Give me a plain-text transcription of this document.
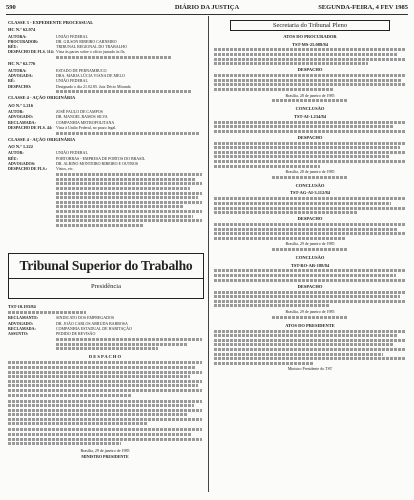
590	DIÁRIO DA JUSTIÇA	SEGUNDA-FEIRA, 4 FEV 1985
CLASSE 3 - EXPEDIENTE PROCESSUAL
HC N.º 62.974
AUTORA:	UNIÃO FEDERAL
PROCURADOR:	DR. GILSON RIBEIRO CARNEIRO
RÉU:	TRIBUNAL REGIONAL DO TRABALHO
DESPACHO DE FLS. 114: Vista às partes sobre o ofício juntado às fls.
HC N.º 62.776
AUTORA:	ESTADO DE PERNAMBUCO
ADVOGADA:	DRA. MARIA LÚCIA VIANA DE MELO
RÉ:	UNIÃO FEDERAL
DESPACHO:	Designado o dia 21.02.85. Juiz Décio Miranda
CLASSE 4 - AÇÃO ORIGINÁRIA
AO N.º 1.216
AUTOR:	JOSÉ PAULO DE CAMPOS
ADVOGADO:	DR. MANOEL RAMOS SILVA
RECLAMADA:	COMPANHIA METROPOLITANA
DESPACHO DE FLS. 44: Vista à União Federal, no prazo legal.
CLASSE 4 - AÇÃO ORIGINÁRIA
AO N.º 1.222
AUTOR:	UNIÃO FEDERAL
RÉU:	PORTOBRAS - EMPRESA DE PORTOS DO BRASIL
ADVOGADOS:	DR. ALBINO MONTEIRO RIBEIRO E OUTROS
DESPACHO DE FLS.:	Vistos, etc.
Tribunal Superior do Trabalho
Presidência
TST-10.193/84
RECLAMANTE:	SINDICATO DOS EMPREGADOS
ADVOGADO:	DR. JOÃO CARLOS ARRUDA BARBOSA
RECLAMADA:	COMPANHIA ESTADUAL DE HABITAÇÃO
ASSUNTO:	PEDIDO DE REVISÃO
D E S P A C H O
Brasília, 29 de janeiro de 1985
MINISTRO PRESIDENTE
Secretaria do Tribunal Pleno
ATOS DO PROCURADOR
TST-MS-25.088/84
DESPACHO
Brasília, 28 de janeiro de 1985
CONCLUSÃO
TST-AI-1.234/84
DESPACHO
Brasília, 28 de janeiro de 1985
CONCLUSÃO
TST-AG-AI-3.112/84
DESPACHO
Brasília, 29 de janeiro de 1985
CONCLUSÃO
TST-RO-AR-188/84
DESPACHO
Brasília, 29 de janeiro de 1985
ATOS DO PRESIDENTE
Ministro Presidente do TST
